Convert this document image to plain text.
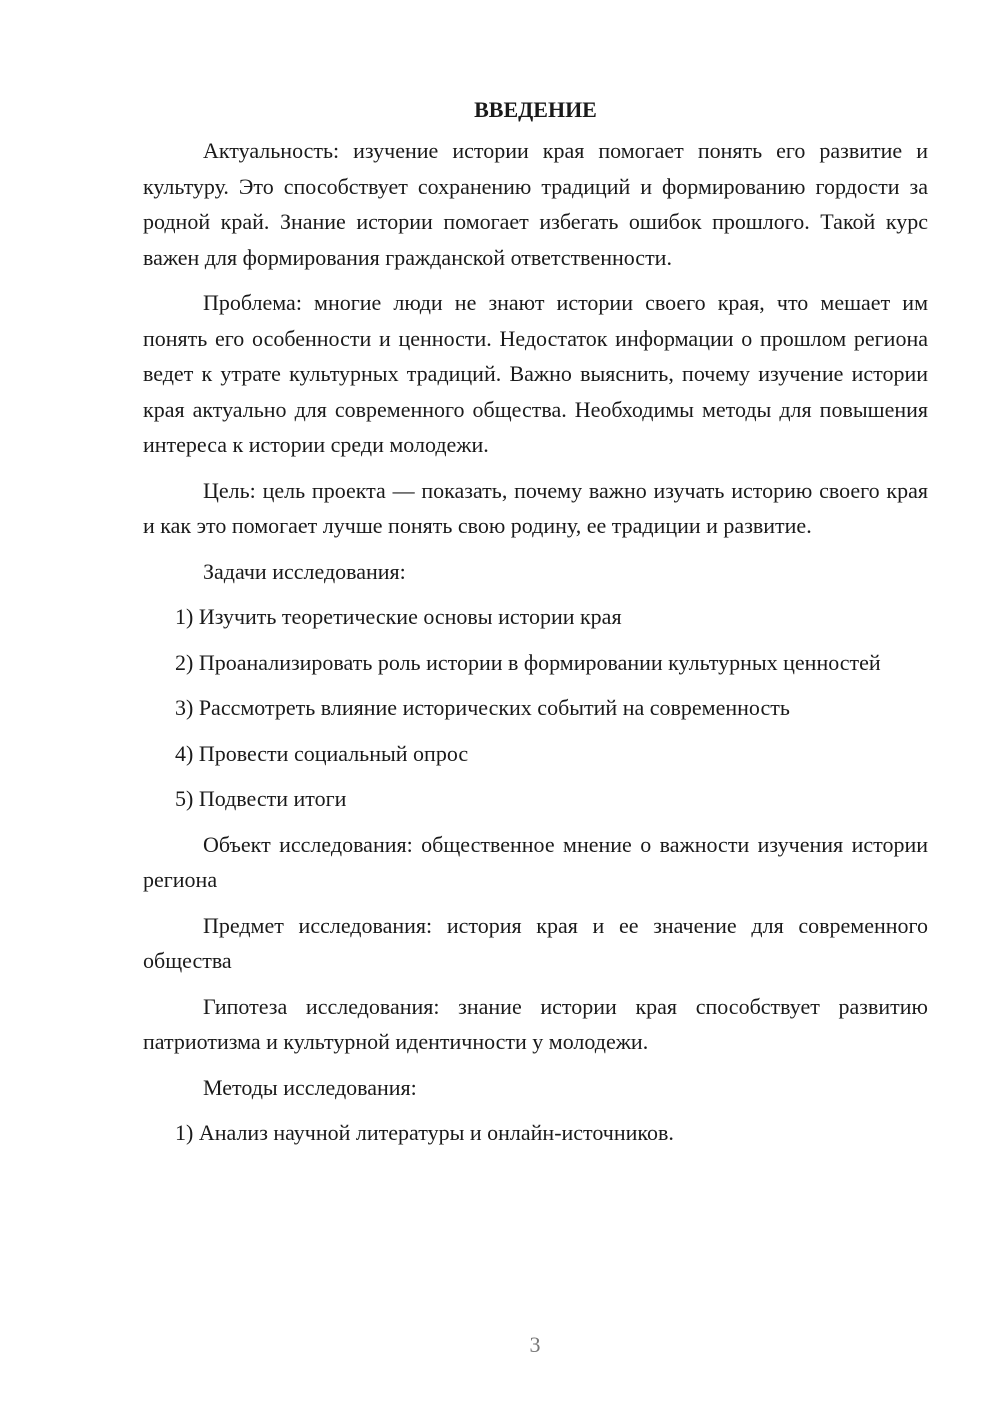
ВВЕДЕНИЕ

Актуальность: изучение истории края помогает понять его развитие и культуру. Это способствует сохранению традиций и формированию гордости за родной край. Знание истории помогает избегать ошибок прошлого. Такой курс важен для формирования гражданской ответственности.

Проблема: многие люди не знают истории своего края, что мешает им понять его особенности и ценности. Недостаток информации о прошлом региона ведет к утрате культурных традиций. Важно выяснить, почему изучение истории края актуально для современного общества. Необходимы методы для повышения интереса к истории среди молодежи.

Цель: цель проекта — показать, почему важно изучать историю своего края и как это помогает лучше понять свою родину, ее традиции и развитие.

Задачи исследования:

1) Изучить теоретические основы истории края

2) Проанализировать роль истории в формировании культурных ценностей

3) Рассмотреть влияние исторических событий на современность

4) Провести социальный опрос

5) Подвести итоги

Объект исследования: общественное мнение о важности изучения истории региона

Предмет исследования: история края и ее значение для современного общества

Гипотеза исследования: знание истории края способствует развитию патриотизма и культурной идентичности у молодежи.

Методы исследования:

1) Анализ научной литературы и онлайн-источников.

3
